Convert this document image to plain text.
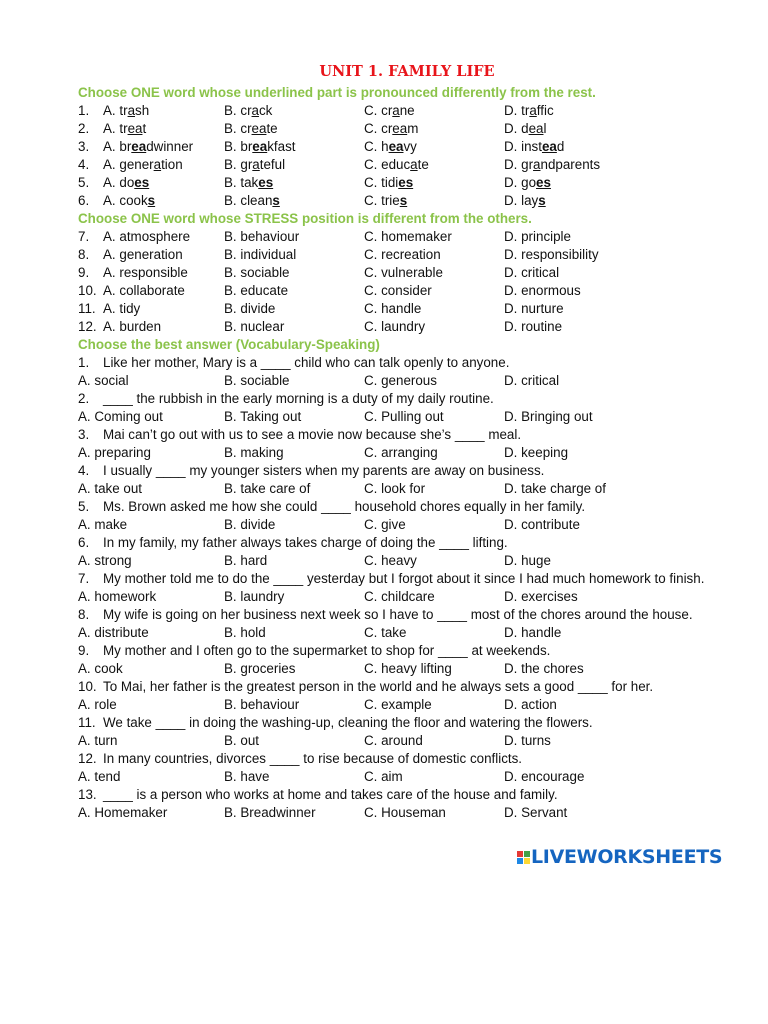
UNIT 1. FAMILY LIFE
Choose ONE word whose underlined part is pronounced differently from the rest.
1.	A. trash	B. crack	C. crane	D. traffic
2.	A. treat	B. create	C. cream	D. deal
3.	A. breadwinner	B. breakfast	C. heavy	D. instead
4.	A. generation	B. grateful	C. educate	D. grandparents
5.	A. does	B. takes	C. tidies	D. goes
6.	A. cooks	B. cleans	C. tries	D. lays
Choose ONE word whose STRESS position is different from the others.
7.	A. atmosphere	B. behaviour	C. homemaker	D. principle
8.	A. generation	B. individual	C. recreation	D. responsibility
9.	A. responsible	B. sociable	C. vulnerable	D. critical
10. A. collaborate	B. educate	C. consider	D. enormous
11. A. tidy	B. divide	C. handle	D. nurture
12. A. burden	B. nuclear	C. laundry	D. routine
Choose the best answer (Vocabulary-Speaking)
1.	Like her mother, Mary is a ____ child who can talk openly to anyone.
A. social	B. sociable	C. generous	D. critical
2.	____ the rubbish in the early morning is a duty of my daily routine.
A. Coming out	B. Taking out	C. Pulling out	D. Bringing out
3.	Mai can’t go out with us to see a movie now because she’s ____ meal.
A. preparing	B. making	C. arranging	D. keeping
4.	I usually ____ my younger sisters when my parents are away on business.
A. take out	B. take care of	C. look for	D. take charge of
5.	Ms. Brown asked me how she could ____ household chores equally in her family.
A. make	B. divide	C. give	D. contribute
6.	In my family, my father always takes charge of doing the ____ lifting.
A. strong	B. hard	C. heavy	D. huge
7. My mother told me to do the ____ yesterday but I forgot about it since I had much homework to finish.
A. homework	B. laundry	C. childcare	D. exercises
8. My wife is going on her business next week so I have to ____ most of the chores around the house.
A. distribute	B. hold	C. take	D. handle
9.	My mother and I often go to the supermarket to shop for ____ at weekends.
A. cook	B. groceries	C. heavy lifting	D. the chores
10. To Mai, her father is the greatest person in the world and he always sets a good ____ for her.
A. role	B. behaviour	C. example	D. action
11. We take ____ in doing the washing-up, cleaning the floor and watering the flowers.
A. turn	B. out	C. around	D. turns
12. In many countries, divorces ____ to rise because of domestic conflicts.
A. tend	B. have	C. aim	D. encourage
13. ____ is a person who works at home and takes care of the house and family.
A. Homemaker	B. Breadwinner	C. Houseman	D. Servant
LIVEWORKSHEETS
